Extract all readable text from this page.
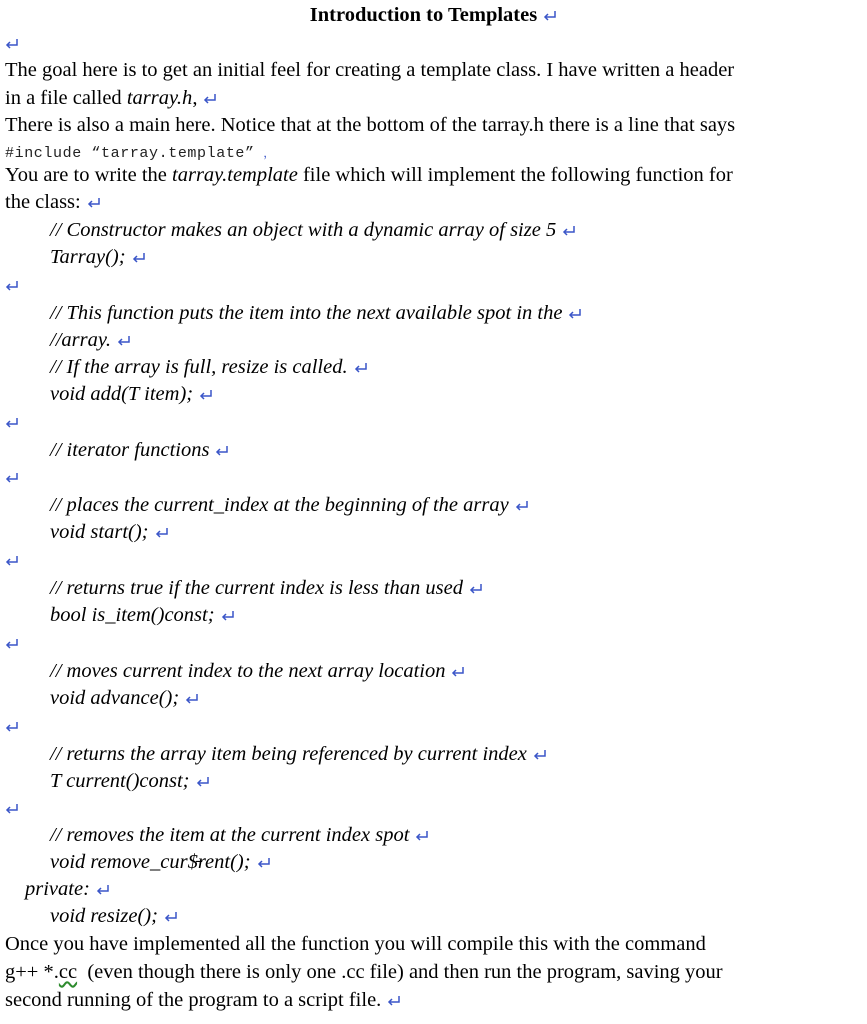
Introduction to Templates
The goal here is to get an initial feel for creating a template class. I have written a header
in a file called tarray.h,
There is also a main here. Notice that at the bottom of the tarray.h there is a line that says
#include “tarray.template” ﹐
You are to write the tarray.template file which will implement the following function for
the class:
// Constructor makes an object with a dynamic array of size 5
Tarray();
// This function puts the item into the next available spot in the
//array.
// If the array is full, resize is called.
void add(T item);
// iterator functions
// places the current_index at the beginning of the array
void start();
// returns true if the current index is less than used
bool is_item()const;
// moves current index to the next array location
void advance();
// returns the array item being referenced by current index
T current()const;
// removes the item at the current index spot
void remove_cur$̵rent();
private:
void resize();
Once you have implemented all the function you will compile this with the command
g++ *.cc  (even though there is only one .cc file) and then run the program, saving your
second running of the program to a script file.
